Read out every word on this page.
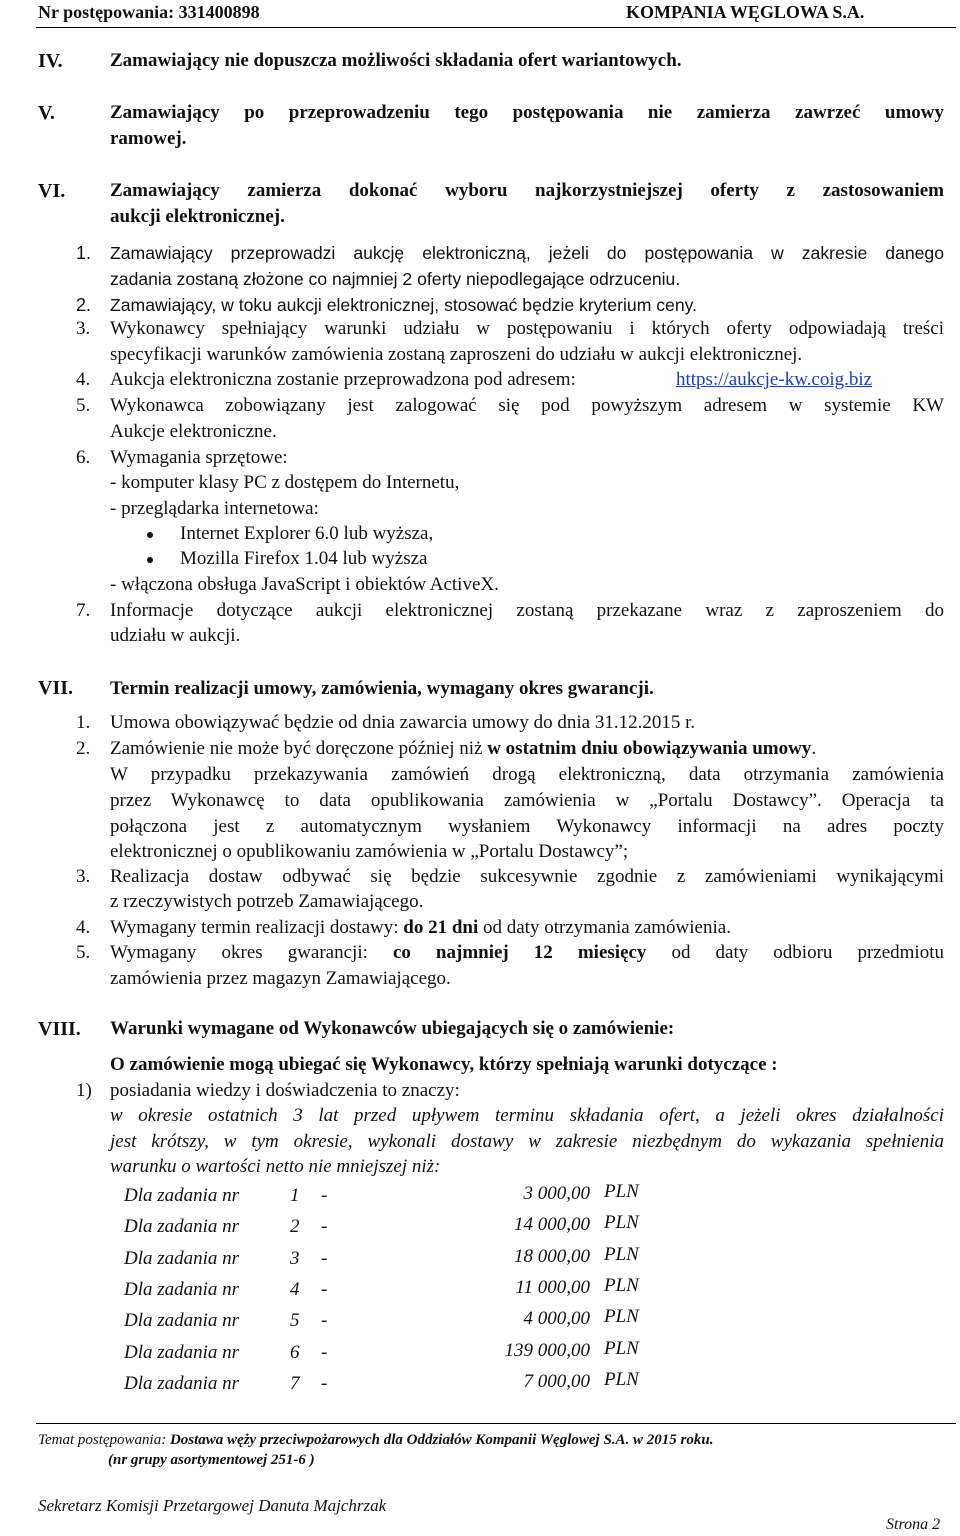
Nr postępowania: 331400898	KOMPANIA WĘGLOWA S.A.
IV. Zamawiający nie dopuszcza możliwości składania ofert wariantowych.
V.	Zamawiający po przeprowadzeniu tego postępowania nie zamierza zawrzeć umowy
ramowej.
VI. Zamawiający zamierza dokonać wyboru najkorzystniejszej oferty z zastosowaniem
aukcji elektronicznej.
1. Zamawiający przeprowadzi aukcję elektroniczną, jeżeli do postępowania w zakresie danego
zadania zostaną złożone co najmniej 2 oferty niepodlegające odrzuceniu.
2. Zamawiający, w toku aukcji elektronicznej, stosować będzie kryterium ceny.
3. Wykonawcy spełniający warunki udziału w postępowaniu i których oferty odpowiadają treści
specyfikacji warunków zamówienia zostaną zaproszeni do udziału w aukcji elektronicznej.
4. Aukcja elektroniczna zostanie przeprowadzona pod adresem:	https://aukcje-kw.coig.biz
5. Wykonawca zobowiązany jest zalogować się pod powyższym adresem w systemie KW
Aukcje elektroniczne.
6. Wymagania sprzętowe:
- komputer klasy PC z dostępem do Internetu,
- przeglądarka internetowa:
Internet Explorer 6.0 lub wyższa,
Mozilla Firefox 1.04 lub wyższa
- włączona obsługa JavaScript i obiektów ActiveX.
7. Informacje dotyczące aukcji elektronicznej zostaną przekazane wraz z zaproszeniem do
udziału w aukcji.
VII. Termin realizacji umowy, zamówienia, wymagany okres gwarancji.
1. Umowa obowiązywać będzie od dnia zawarcia umowy do dnia 31.12.2015 r.
2. Zamówienie nie może być doręczone później niż w ostatnim dniu obowiązywania umowy.
W przypadku przekazywania zamówień drogą elektroniczną, data otrzymania zamówienia
przez Wykonawcę to data opublikowania zamówienia w „Portalu Dostawcy”. Operacja ta
połączona jest z automatycznym wysłaniem Wykonawcy informacji na adres poczty
elektronicznej o opublikowaniu zamówienia w „Portalu Dostawcy”;
3. Realizacja dostaw odbywać się będzie sukcesywnie zgodnie z zamówieniami wynikającymi
z rzeczywistych potrzeb Zamawiającego.
4. Wymagany termin realizacji dostawy: do 21 dni od daty otrzymania zamówienia.
5. Wymagany okres gwarancji: co najmniej 12 miesięcy od daty odbioru przedmiotu
zamówienia przez magazyn Zamawiającego.
VIII. Warunki wymagane od Wykonawców ubiegających się o zamówienie:
O zamówienie mogą ubiegać się Wykonawcy, którzy spełniają warunki dotyczące :
1) posiadania wiedzy i doświadczenia to znaczy:
w okresie ostatnich 3 lat przed upływem terminu składania ofert, a jeżeli okres działalności
jest krótszy, w tym okresie, wykonali dostawy w zakresie niezbędnym do wykazania spełnienia
warunku o wartości netto nie mniejszej niż:
Dla zadania nr	1 -	3 000,00 PLN
Dla zadania nr	2 -	14 000,00 PLN
Dla zadania nr	3 -	18 000,00 PLN
Dla zadania nr	4 -	11 000,00 PLN
Dla zadania nr	5 -	4 000,00 PLN
Dla zadania nr	6 -	139 000,00 PLN
Dla zadania nr	7 -	7 000,00 PLN
Temat postępowania: Dostawa węży przeciwpożarowych dla Oddziałów Kompanii Węglowej S.A. w 2015 roku.
(nr grupy asortymentowej 251-6 )
Sekretarz Komisji Przetargowej Danuta Majchrzak
Strona 2
